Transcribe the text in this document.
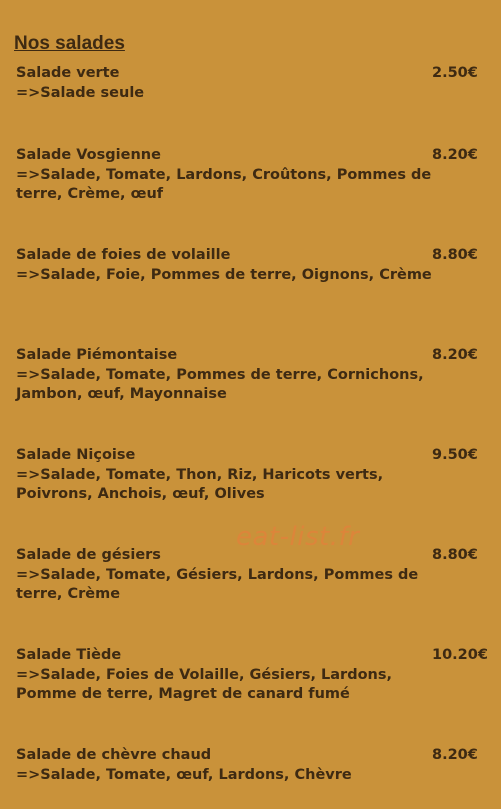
Nos salades
Salade verte	2.50€
=>Salade seule
Salade Vosgienne	8.20€
=>Salade, Tomate, Lardons, Croûtons, Pommes de terre, Crème, œuf
Salade de foies de volaille	8.80€
=>Salade, Foie, Pommes de terre, Oignons, Crème
Salade Piémontaise	8.20€
=>Salade, Tomate, Pommes de terre, Cornichons, Jambon, œuf, Mayonnaise
Salade Niçoise	9.50€
=>Salade, Tomate, Thon, Riz, Haricots verts, Poivrons, Anchois, œuf, Olives
Salade de gésiers	8.80€
=>Salade, Tomate, Gésiers, Lardons, Pommes de terre, Crème
Salade Tiède	10.20€
=>Salade, Foies de Volaille, Gésiers, Lardons, Pomme de terre, Magret de canard fumé
Salade de chèvre chaud	8.20€
=>Salade, Tomate, œuf, Lardons, Chèvre
eat-list.fr
